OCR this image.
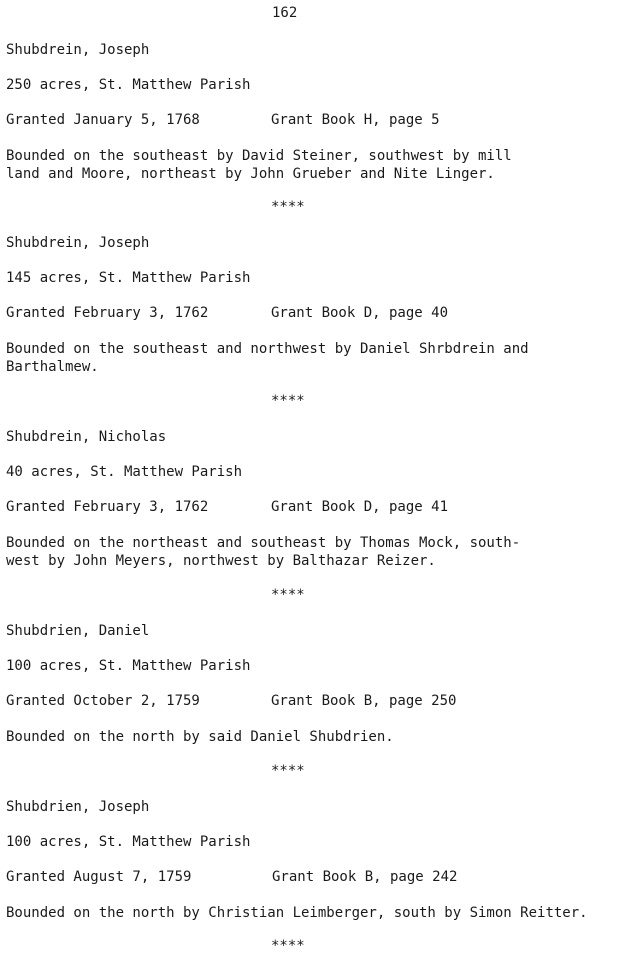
162

Shubdrein, Joseph

250 acres, St. Matthew Parish

Granted January 5, 1768	Grant Book H, page 5

Bounded on the southeast by David Steiner, southwest by mill

land and Moore, northeast by John Grueber and Nite Linger.

****

Shubdrein, Joseph

145 acres, St. Matthew Parish

Granted February 3, 1762	Grant Book D, page 40

Bounded on the southeast and northwest by Daniel Shrbdrein and

Barthalmew.

****

Shubdrein, Nicholas

40 acres, St. Matthew Parish

Granted February 3, 1762	Grant Book D, page 41

Bounded on the northeast and southeast by Thomas Mock, south-

west by John Meyers, northwest by Balthazar Reizer.

****

Shubdrien, Daniel

100 acres, St. Matthew Parish

Granted October 2, 1759	Grant Book B, page 250

Bounded on the north by said Daniel Shubdrien.

****

Shubdrien, Joseph

100 acres, St. Matthew Parish

Granted August 7, 1759	Grant Book B, page 242

Bounded on the north by Christian Leimberger, south by Simon Reitter.

****
